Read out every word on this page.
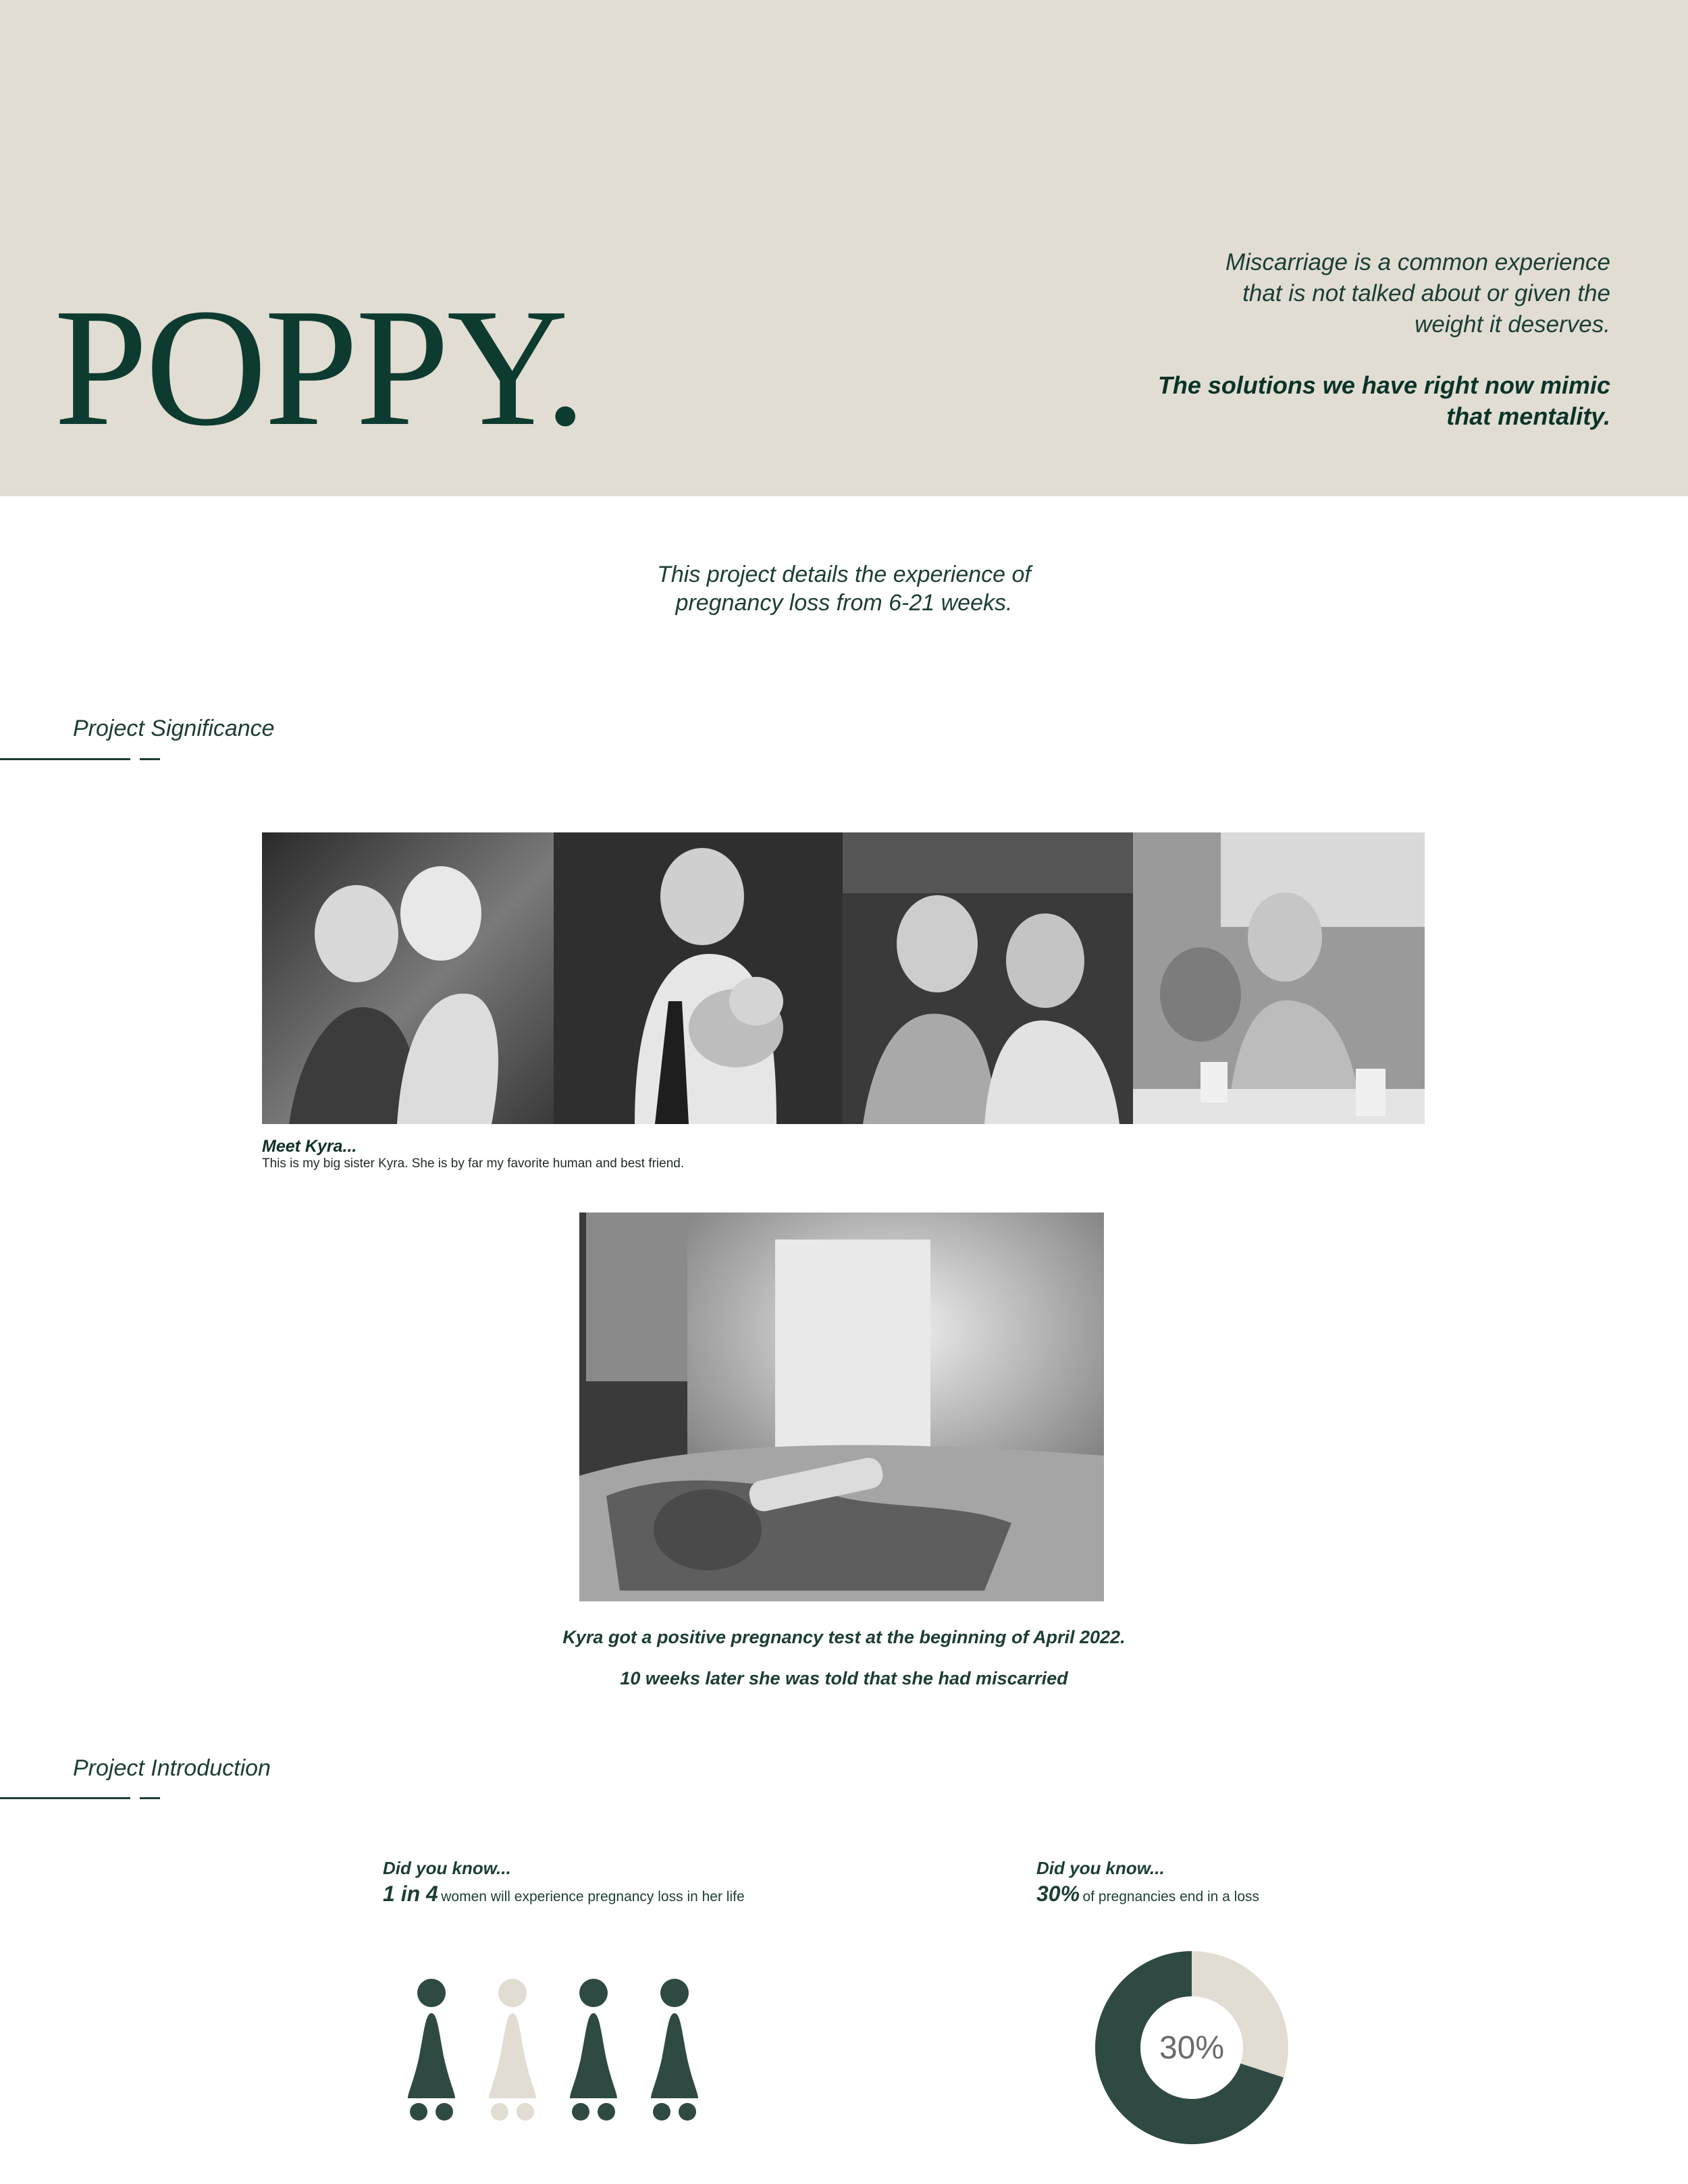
POPPY.
Miscarriage is a common experience
that is not talked about or given the
weight it deserves.
The solutions we have right now mimic
that mentality.
This project details the experience of
pregnancy loss from 6-21 weeks.
Project Significance
Meet Kyra...
This is my big sister Kyra. She is by far my favorite human and best friend.
Kyra got a positive pregnancy test at the beginning of April 2022.
10 weeks later she was told that she had miscarried
Project Introduction
Did you know...
1 in 4 women will experience pregnancy loss in her life
Did you know...
30% of pregnancies end in a loss
30%
